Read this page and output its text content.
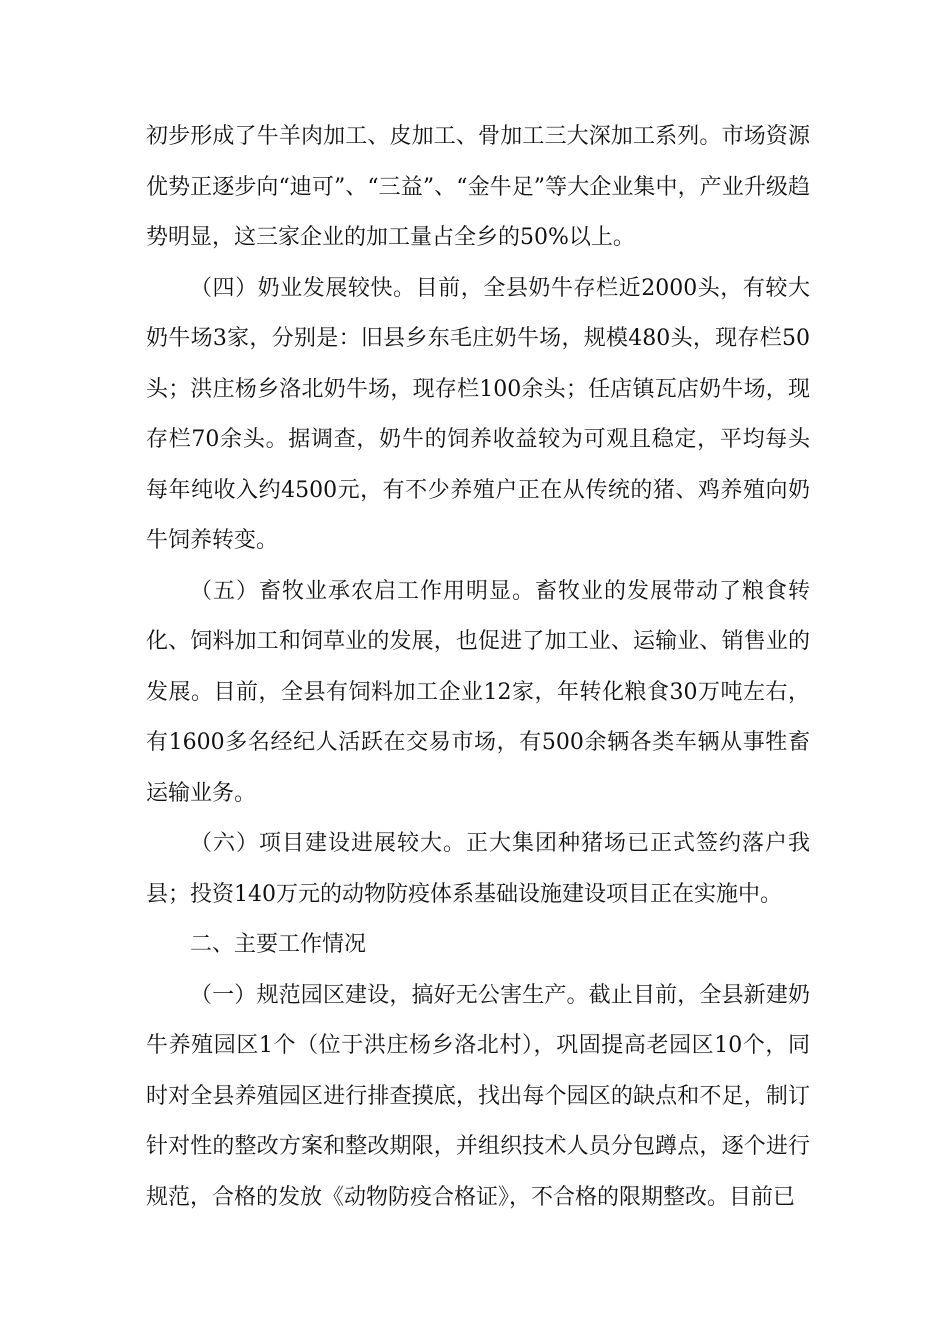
初步形成了牛羊肉加工、皮加工、骨加工三大深加工系列。市场资源优势正逐步向“迪可”、“三益”、“金牛足”等大企业集中，产业升级趋势明显，这三家企业的加工量占全乡的50%以上。

（四）奶业发展较快。目前，全县奶牛存栏近2000头，有较大奶牛场3家，分别是：旧县乡东毛庄奶牛场，规模480头，现存栏50头；洪庄杨乡洛北奶牛场，现存栏100余头；任店镇瓦店奶牛场，现存栏70余头。据调查，奶牛的饲养收益较为可观且稳定，平均每头每年纯收入约4500元，有不少养殖户正在从传统的猪、鸡养殖向奶牛饲养转变。

（五）畜牧业承农启工作用明显。畜牧业的发展带动了粮食转化、饲料加工和饲草业的发展，也促进了加工业、运输业、销售业的发展。目前，全县有饲料加工企业12家，年转化粮食30万吨左右，有1600多名经纪人活跃在交易市场，有500余辆各类车辆从事牲畜运输业务。

（六）项目建设进展较大。正大集团种猪场已正式签约落户我县；投资140万元的动物防疫体系基础设施建设项目正在实施中。

二、主要工作情况

（一）规范园区建设，搞好无公害生产。截止目前，全县新建奶牛养殖园区1个（位于洪庄杨乡洛北村），巩固提高老园区10个，同时对全县养殖园区进行排查摸底，找出每个园区的缺点和不足，制订针对性的整改方案和整改期限，并组织技术人员分包蹲点，逐个进行规范，合格的发放《动物防疫合格证》，不合格的限期整改。目前已
